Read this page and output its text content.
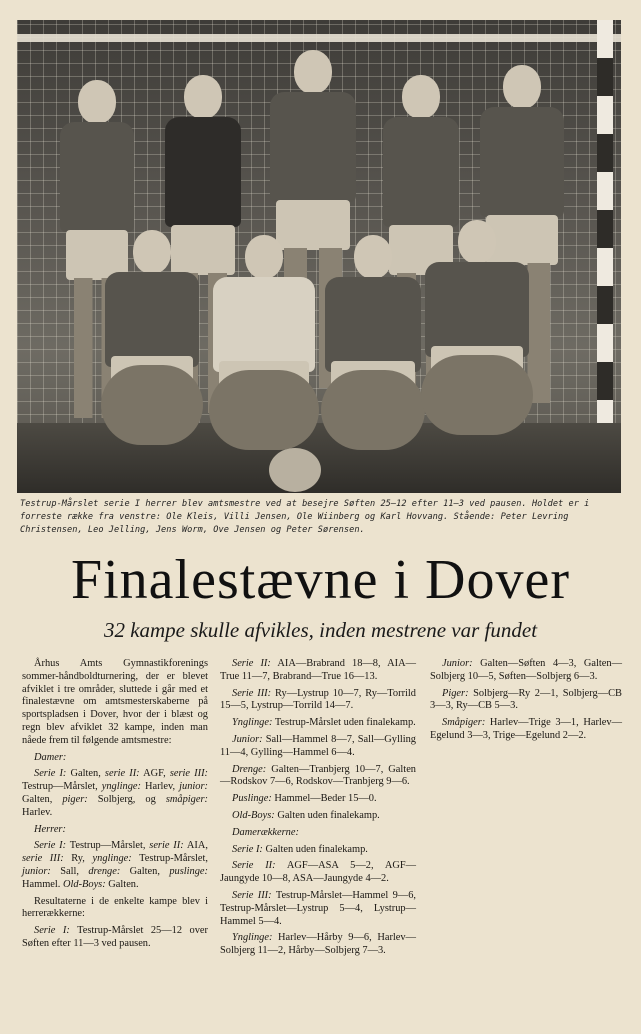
Testrup-Mårslet serie I herrer blev amtsmestre ved at besejre Søften 25—12 efter 11—3 ved pausen. Holdet er i forreste række fra venstre: Ole Kleis, Villi Jensen, Ole Wiinberg og Karl Hovvang. Stående: Peter Levring Christensen, Leo Jelling, Jens Worm, Ove Jensen og Peter Sørensen.
Finalestævne i Dover
32 kampe skulle afvikles, inden mestrene var fundet

Århus Amts Gymnastikforenings sommer-håndboldturnering, der er blevet afviklet i tre områder, sluttede i går med et finalestævne om amtsmesterskaberne på sportspladsen i Dover, hvor der i blæst og regn blev afviklet 32 kampe, inden man nåede frem til følgende amtsmestre:

Damer:

Serie I: Galten, serie II: AGF, serie III: Testrup—Mårslet, ynglinge: Harlev, junior: Galten, piger: Solbjerg, og småpiger: Harlev.

Herrer:

Serie I: Testrup—Mårslet, serie II: AIA, serie III: Ry, ynglinge: Testrup-Mårslet, junior: Sall, drenge: Galten, puslinge: Hammel. Old-Boys: Galten.

Resultaterne i de enkelte kampe blev i herrerækkerne:

Serie I: Testrup-Mårslet 25—12 over Søften efter 11—3 ved pausen.

Serie II: AIA—Brabrand 18—8, AIA—True 11—7, Brabrand—True 16—13.

Serie III: Ry—Lystrup 10—7, Ry—Torrild 15—5, Lystrup—Torrild 14—7.

Ynglinge: Testrup-Mårslet uden finalekamp.

Junior: Sall—Hammel 8—7, Sall—Gylling 11—4, Gylling—Hammel 6—4.

Drenge: Galten—Tranbjerg 10—7, Galten—Rodskov 7—6, Rodskov—Tranbjerg 9—6.

Puslinge: Hammel—Beder 15—0.

Old-Boys: Galten uden finalekamp.

Damerækkerne:

Serie I: Galten uden finalekamp.

Serie II: AGF—ASA 5—2, AGF—Jaungyde 10—8, ASA—Jaungyde 4—2.

Serie III: Testrup-Mårslet—Hammel 9—6, Testrup-Mårslet—Lystrup 5—4, Lystrup—Hammel 5—4.

Ynglinge: Harlev—Hårby 9—6, Harlev—Solbjerg 11—2, Hårby—Solbjerg 7—3.

Junior: Galten—Søften 4—3, Galten—Solbjerg 10—5, Søften—Solbjerg 6—3.

Piger: Solbjerg—Ry 2—1, Solbjerg—CB 3—3, Ry—CB 5—3.

Småpiger: Harlev—Trige 3—1, Harlev—Egelund 3—3, Trige—Egelund 2—2.
